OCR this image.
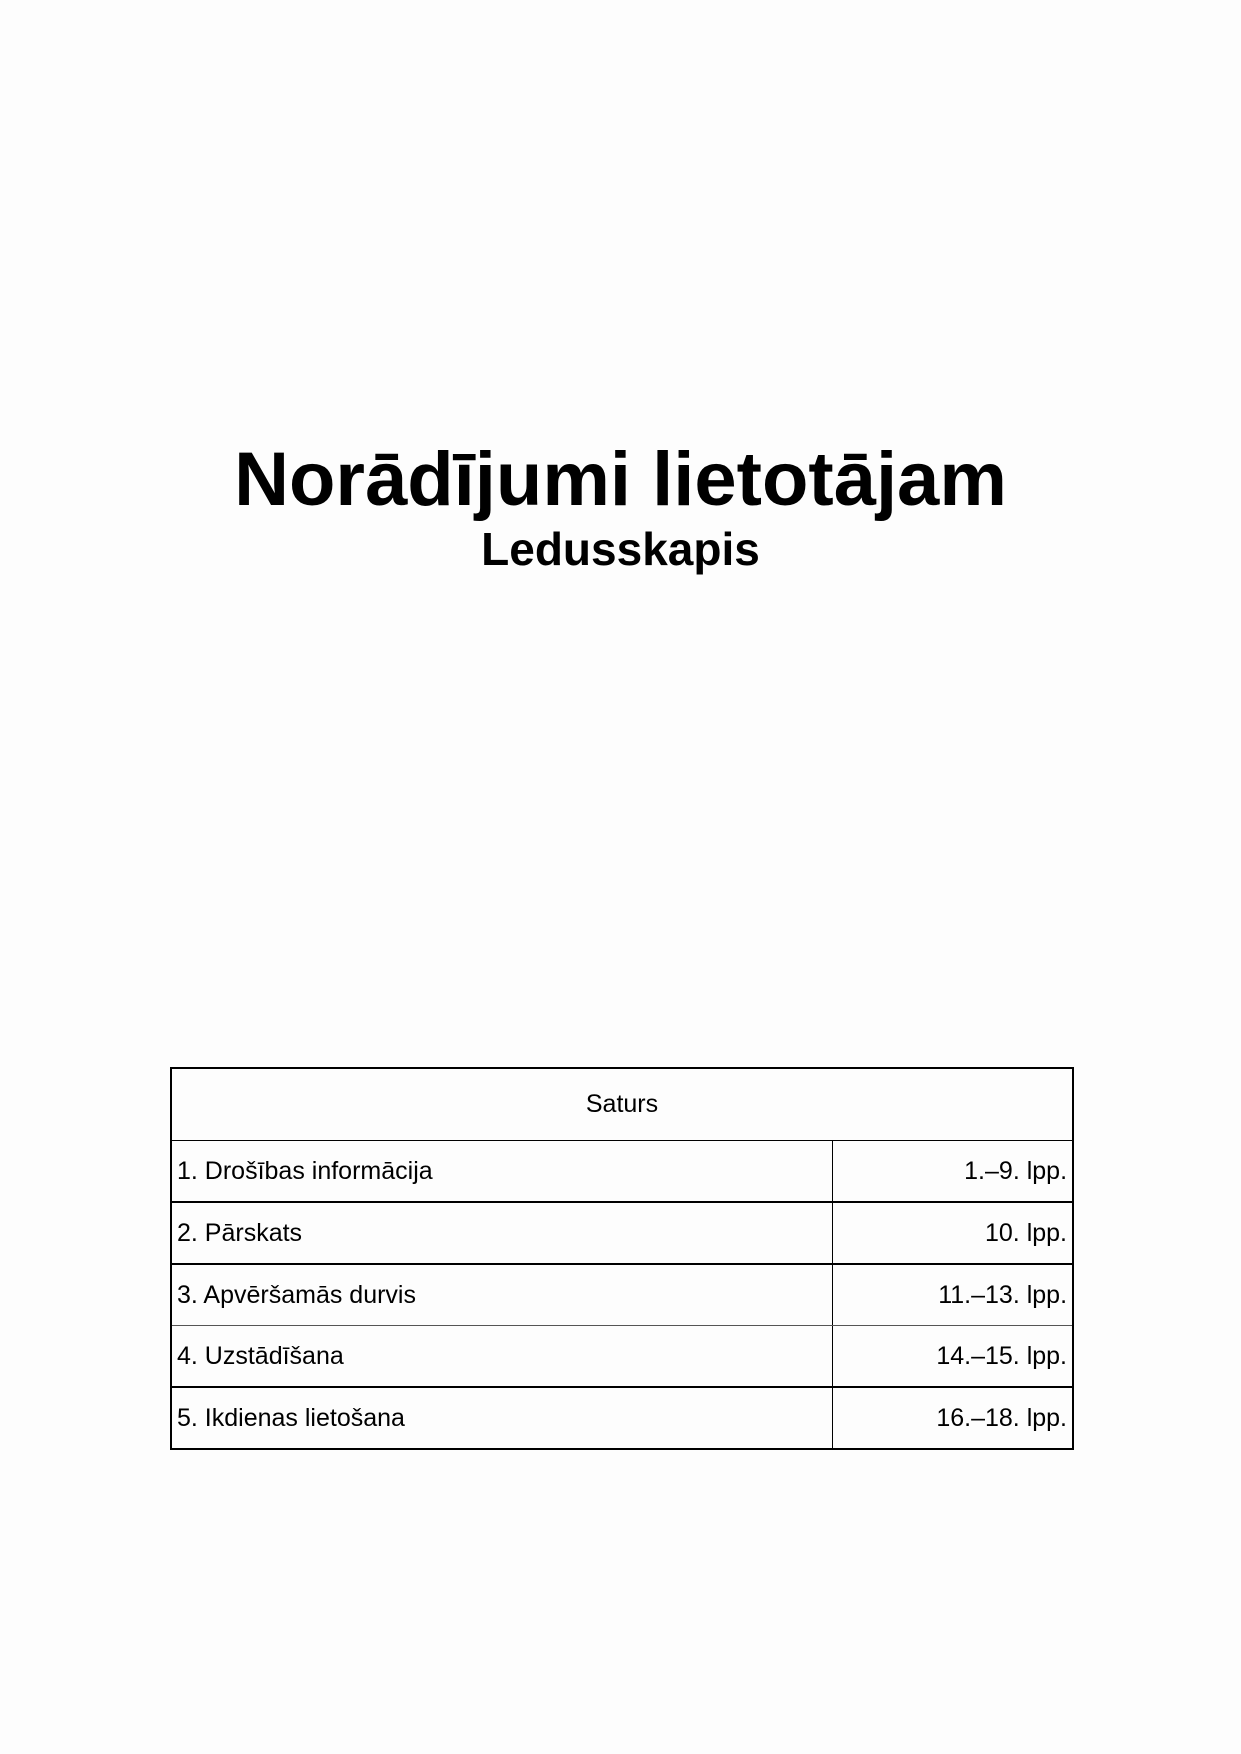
Norādījumi lietotājam
Ledusskapis
Saturs	
1. Drošības informācija	1.–9. lpp.
2. Pārskats	10. lpp.
3. Apvēršamās durvis	11.–13. lpp.
4. Uzstādīšana	14.–15. lpp.
5. Ikdienas lietošana	16.–18. lpp.
